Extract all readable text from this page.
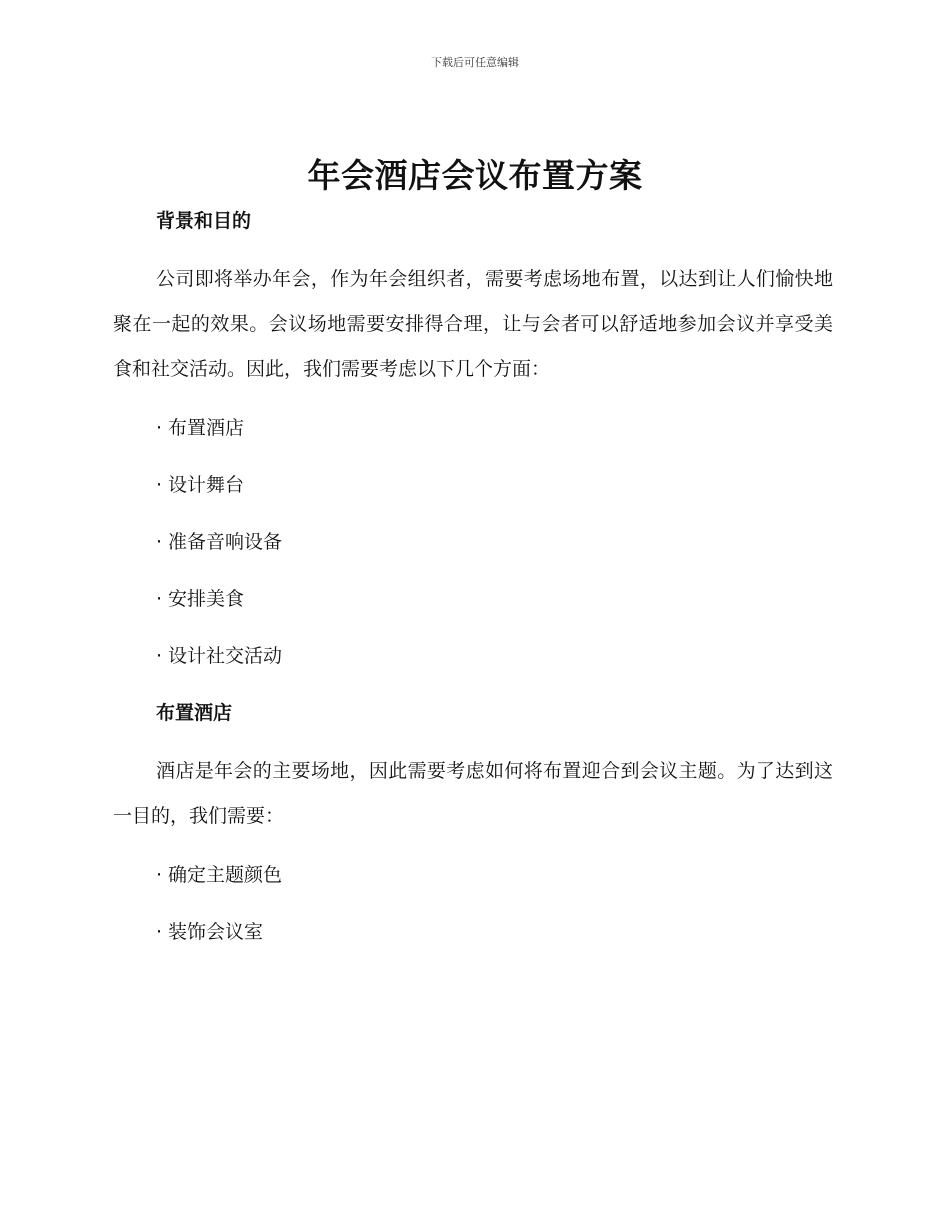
下载后可任意编辑
年会酒店会议布置方案
背景和目的

公司即将举办年会，作为年会组织者，需要考虑场地布置，以达到让人们愉快地聚在一起的效果。会议场地需要安排得合理，让与会者可以舒适地参加会议并享受美食和社交活动。因此，我们需要考虑以下几个方面：

· 布置酒店
· 设计舞台
· 准备音响设备
· 安排美食
· 设计社交活动
布置酒店

酒店是年会的主要场地，因此需要考虑如何将布置迎合到会议主题。为了达到这一目的，我们需要：

· 确定主题颜色
· 装饰会议室
